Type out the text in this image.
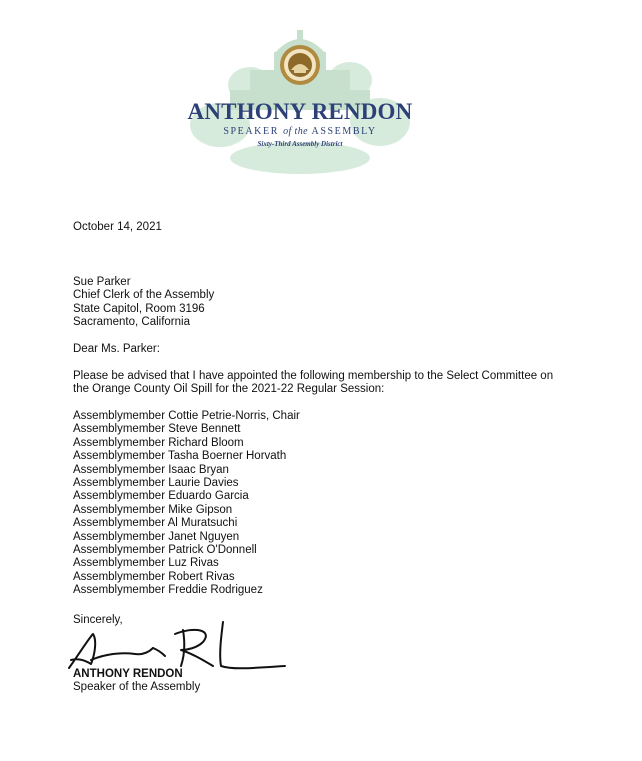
ANTHONY RENDON
SPEAKER of the ASSEMBLY
Sixty-Third Assembly District
October 14, 2021
Sue Parker
Chief Clerk of the Assembly
State Capitol, Room 3196
Sacramento, California
Dear Ms. Parker:
Please be advised that I have appointed the following membership to the Select Committee on
the Orange County Oil Spill for the 2021-22 Regular Session:
Assemblymember Cottie Petrie-Norris, Chair
Assemblymember Steve Bennett
Assemblymember Richard Bloom
Assemblymember Tasha Boerner Horvath
Assemblymember Isaac Bryan
Assemblymember Laurie Davies
Assemblymember Eduardo Garcia
Assemblymember Mike Gipson
Assemblymember Al Muratsuchi
Assemblymember Janet Nguyen
Assemblymember Patrick O'Donnell
Assemblymember Luz Rivas
Assemblymember Robert Rivas
Assemblymember Freddie Rodriguez
Sincerely,
ANTHONY RENDON
Speaker of the Assembly
